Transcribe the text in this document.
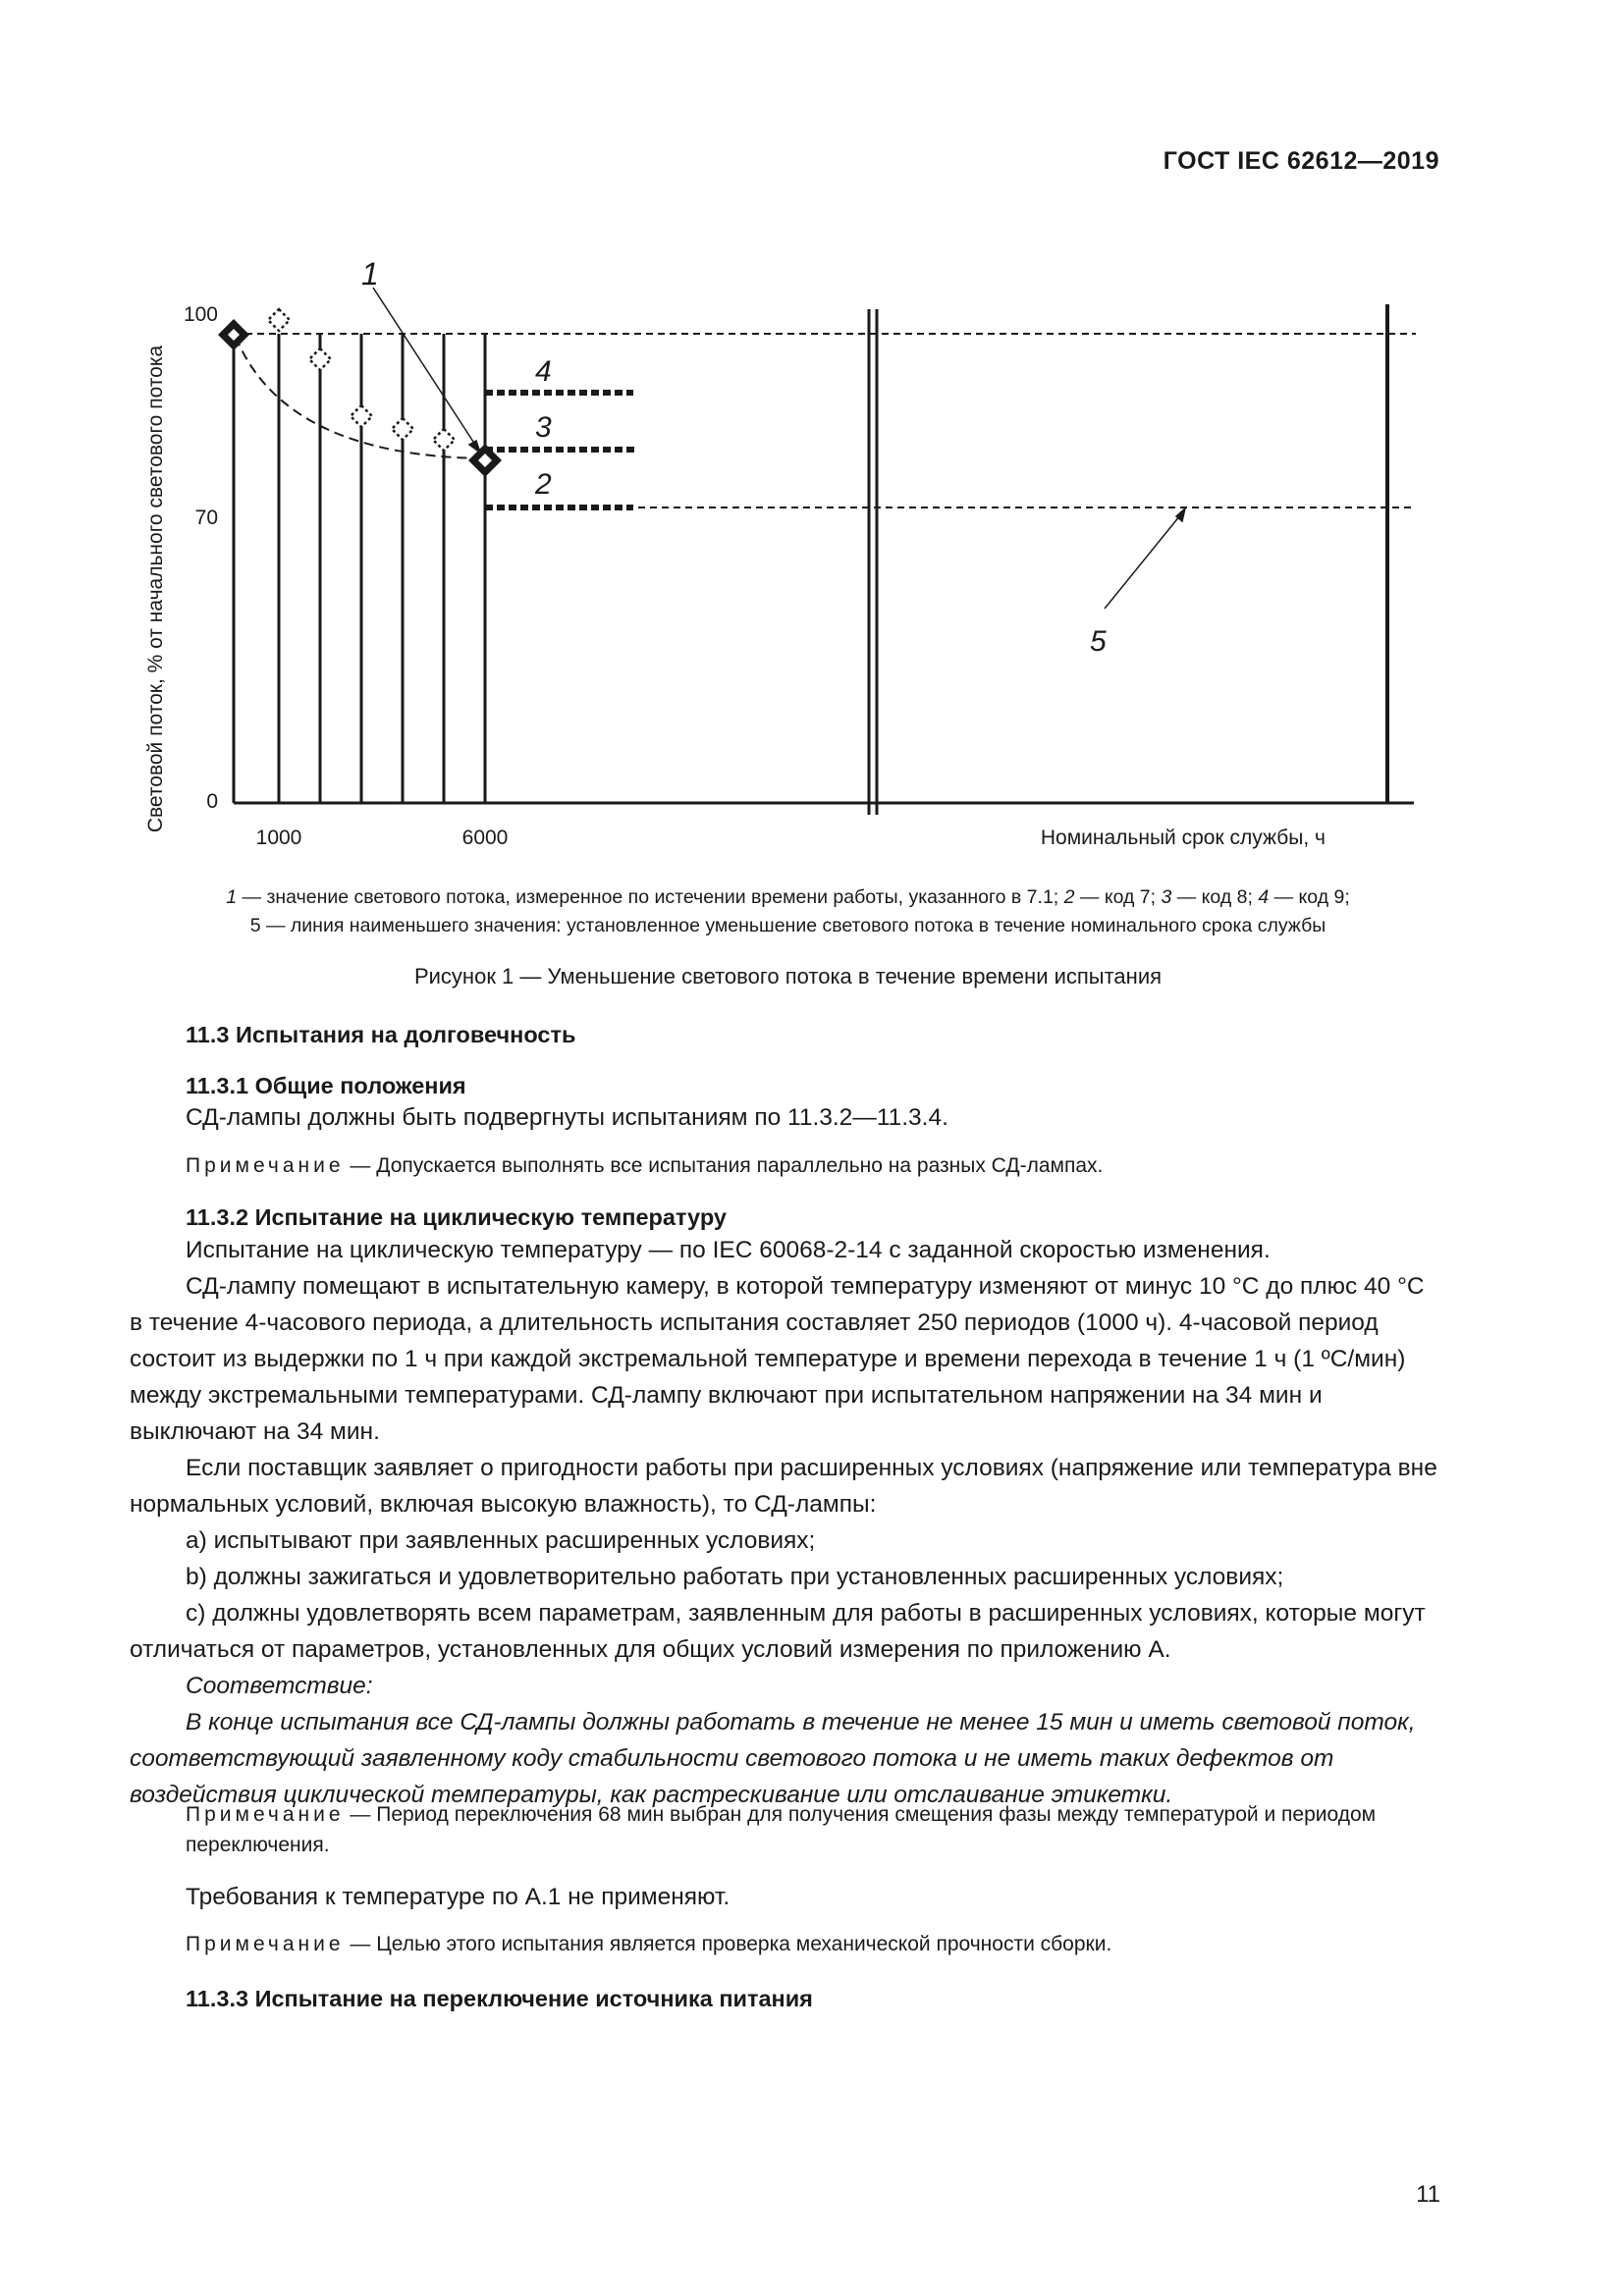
ГОСТ IEC 62612—2019
Световой поток, % от начального светового потока
100
70
0
1000	6000	Номинальный срок службы, ч
1
2
3
4
5
1 — значение светового потока, измеренное по истечении времени работы, указанного в 7.1; 2 — код 7; 3 — код 8; 4 — код 9;
5 — линия наименьшего значения: установленное уменьшение светового потока в течение номинального срока службы
Рисунок 1 — Уменьшение светового потока в течение времени испытания
11.3 Испытания на долговечность
11.3.1 Общие положения
СД-лампы должны быть подвергнуты испытаниям по 11.3.2—11.3.4.
Примечание — Допускается выполнять все испытания параллельно на разных СД-лампах.
11.3.2 Испытание на циклическую температуру

Испытание на циклическую температуру — по IEC 60068-2-14 с заданной скоростью изменения.

СД-лампу помещают в испытательную камеру, в которой температуру изменяют от минус 10 °С до плюс 40 °С в течение 4-часового периода, а длительность испытания составляет 250 периодов (1000 ч). 4-часовой период состоит из выдержки по 1 ч при каждой экстремальной температуре и времени перехода в течение 1 ч (1 ºС/мин) между экстремальными температурами. СД-лампу включают при испытательном напряжении на 34 мин и выключают на 34 мин.

Если поставщик заявляет о пригодности работы при расширенных условиях (напряжение или температура вне нормальных условий, включая высокую влажность), то СД-лампы:

a) испытывают при заявленных расширенных условиях;

b) должны зажигаться и удовлетворительно работать при установленных расширенных условиях;

c) должны удовлетворять всем параметрам, заявленным для работы в расширенных условиях, которые могут отличаться от параметров, установленных для общих условий измерения по приложению А.

Соответствие:

В конце испытания все СД-лампы должны работать в течение не менее 15 мин и иметь световой поток, соответствующий заявленному коду стабильности светового потока и не иметь таких дефектов от воздействия циклической температуры, как растрескивание или отслаивание этикетки.

Примечание — Период переключения 68 мин выбран для получения смещения фазы между температурой и периодом переключения.
Требования к температуре по А.1 не применяют.
Примечание — Целью этого испытания является проверка механической прочности сборки.
11.3.3 Испытание на переключение источника питания
11
